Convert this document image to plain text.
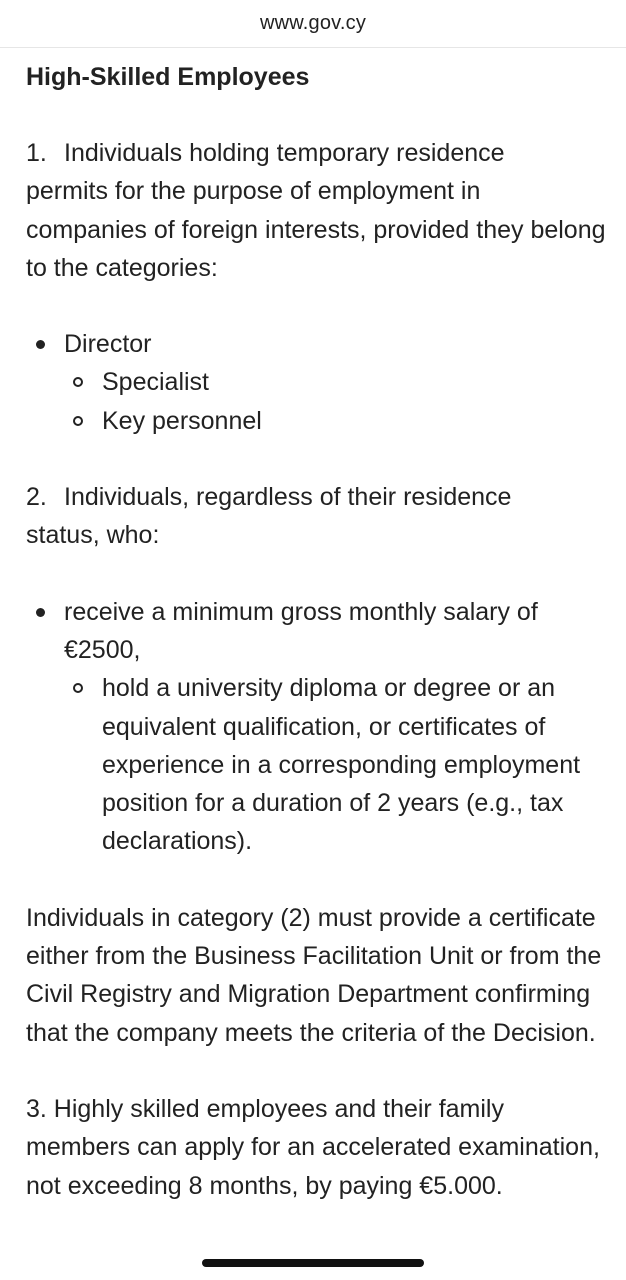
www.gov.cy
High-Skilled Employees
1. Individuals holding temporary residence

permits for the purpose of employment in companies of foreign interests, provided they belong to the categories:

Director
Specialist
Key personnel
2. Individuals, regardless of their residence

status, who:

receive a minimum gross monthly salary of €2500,
hold a university diploma or degree or an equivalent qualification, or certificates of experience in a corresponding employment position for a duration of 2 years (e.g., tax declarations).

Individuals in category (2) must provide a certificate either from the Business Facilitation Unit or from the Civil Registry and Migration Department confirming that the company meets the criteria of the Decision.

3. Highly skilled employees and their family members can apply for an accelerated examination, not exceeding 8 months, by paying €5.000.
